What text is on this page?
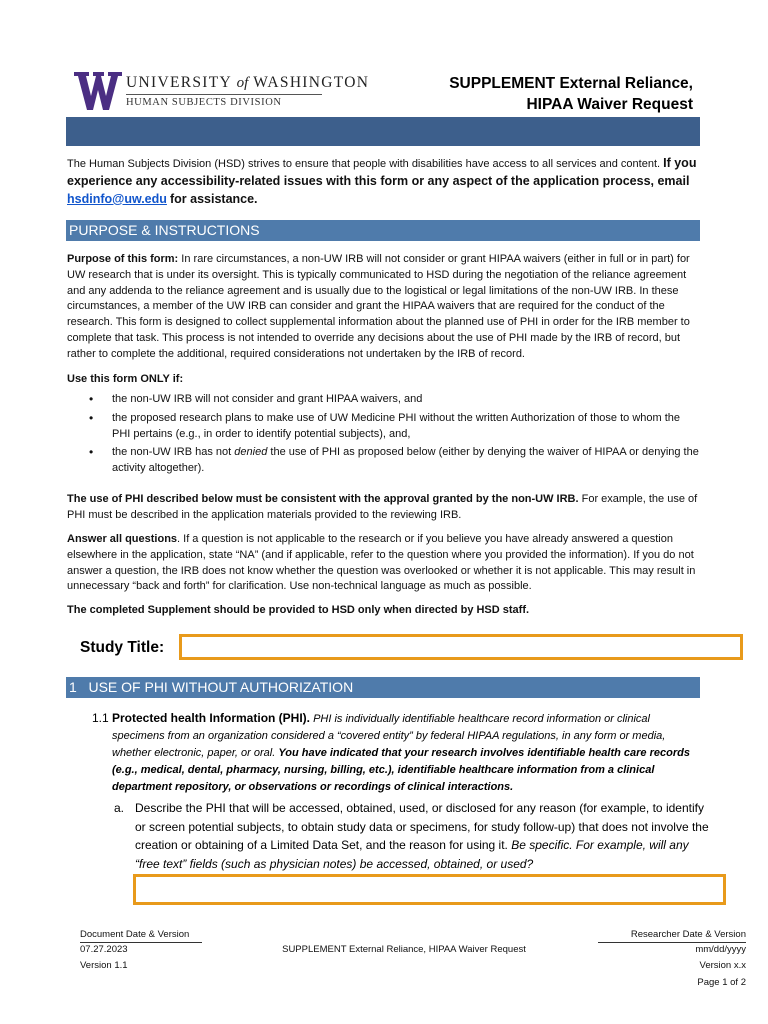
UNIVERSITY of WASHINGTON
HUMAN SUBJECTS DIVISION
SUPPLEMENT External Reliance,
HIPAA Waiver Request
The Human Subjects Division (HSD) strives to ensure that people with disabilities have access to all services and content. If you experience any accessibility-related issues with this form or any aspect of the application process, email hsdinfo@uw.edu for assistance.
PURPOSE & INSTRUCTIONS
Purpose of this form: In rare circumstances, a non-UW IRB will not consider or grant HIPAA waivers (either in full or in part) for UW research that is under its oversight. This is typically communicated to HSD during the negotiation of the reliance agreement and any addenda to the reliance agreement and is usually due to the logistical or legal limitations of the non-UW IRB. In these circumstances, a member of the UW IRB can consider and grant the HIPAA waivers that are required for the conduct of the research. This form is designed to collect supplemental information about the planned use of PHI in order for the IRB member to complete that task. This process is not intended to override any decisions about the use of PHI made by the IRB of record, but rather to complete the additional, required considerations not undertaken by the IRB of record.
Use this form ONLY if:
• the non-UW IRB will not consider and grant HIPAA waivers, and
• the proposed research plans to make use of UW Medicine PHI without the written Authorization of those to whom the PHI pertains (e.g., in order to identify potential subjects), and,
• the non-UW IRB has not denied the use of PHI as proposed below (either by denying the waiver of HIPAA or denying the activity altogether).
The use of PHI described below must be consistent with the approval granted by the non-UW IRB. For example, the use of PHI must be described in the application materials provided to the reviewing IRB.
Answer all questions. If a question is not applicable to the research or if you believe you have already answered a question elsewhere in the application, state “NA” (and if applicable, refer to the question where you provided the information). If you do not answer a question, the IRB does not know whether the question was overlooked or whether it is not applicable. This may result in unnecessary “back and forth” for clarification. Use non-technical language as much as possible.
The completed Supplement should be provided to HSD only when directed by HSD staff.
Study Title:
1 USE OF PHI WITHOUT AUTHORIZATION
1.1 Protected health Information (PHI). PHI is individually identifiable healthcare record information or clinical specimens from an organization considered a “covered entity” by federal HIPAA regulations, in any form or media, whether electronic, paper, or oral. You have indicated that your research involves identifiable health care records (e.g., medical, dental, pharmacy, nursing, billing, etc.), identifiable healthcare information from a clinical department repository, or observations or recordings of clinical interactions.
a. Describe the PHI that will be accessed, obtained, used, or disclosed for any reason (for example, to identify or screen potential subjects, to obtain study data or specimens, for study follow-up) that does not involve the creation or obtaining of a Limited Data Set, and the reason for using it. Be specific. For example, will any “free text” fields (such as physician notes) be accessed, obtained, or used?
Document Date & Version
07.27.2023
Version 1.1
SUPPLEMENT External Reliance, HIPAA Waiver Request
Researcher Date & Version
mm/dd/yyyy
Version x.x
Page 1 of 2
